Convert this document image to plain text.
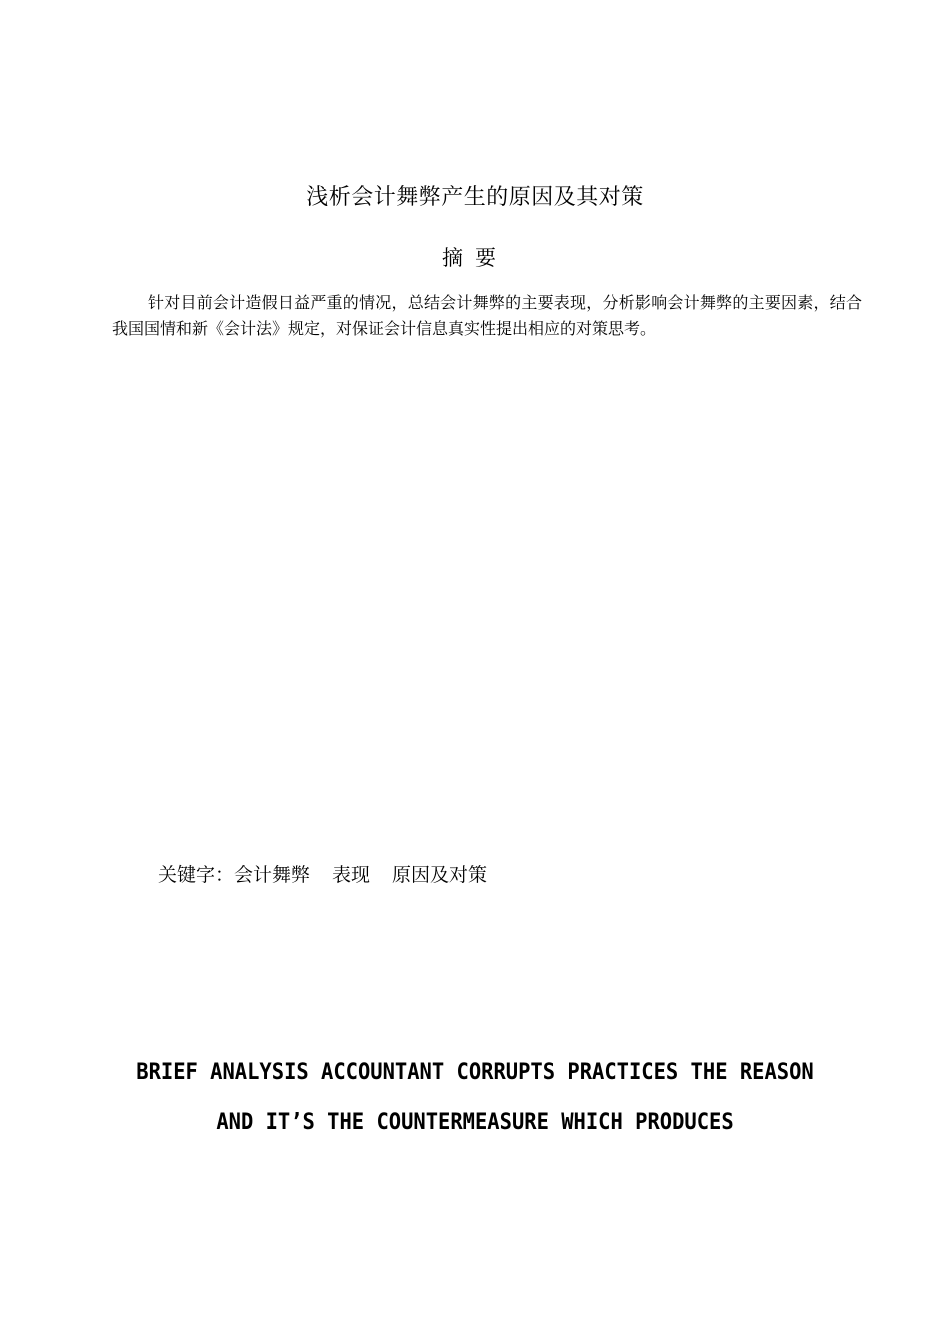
浅析会计舞弊产生的原因及其对策
摘要
针对目前会计造假日益严重的情况，总结会计舞弊的主要表现，分析影响会计舞弊的主要因素，结合我国国情和新《会计法》规定，对保证会计信息真实性提出相应的对策思考。
关键字：会计舞弊 表现 原因及对策
BRIEF ANALYSIS ACCOUNTANT CORRUPTS PRACTICES THE REASON
AND IT’S THE COUNTERMEASURE WHICH PRODUCES
